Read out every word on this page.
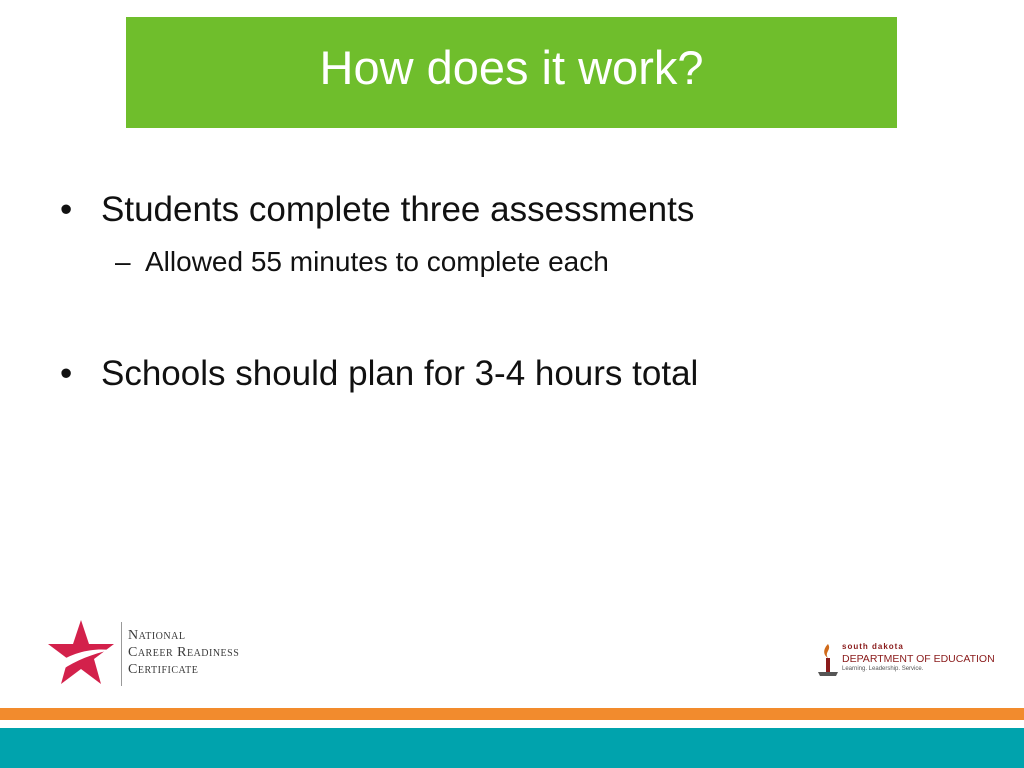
How does it work?
• Students complete three assessments
– Allowed 55 minutes to complete each
• Schools should plan for 3-4 hours total
National
Career Readiness
Certificate
south dakota
DEPARTMENT OF EDUCATION
Learning. Leadership. Service.
